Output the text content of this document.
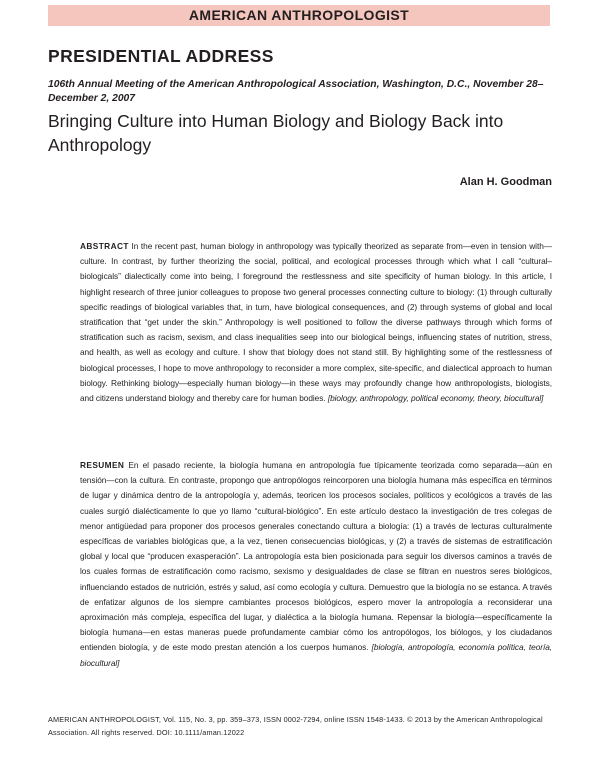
AMERICAN ANTHROPOLOGIST
PRESIDENTIAL ADDRESS

106th Annual Meeting of the American Anthropological Association, Washington, D.C., November 28–December 2, 2007

Bringing Culture into Human Biology and Biology Back into Anthropology
Alan H. Goodman

ABSTRACT In the recent past, human biology in anthropology was typically theorized as separate from—even in tension with—culture. In contrast, by further theorizing the social, political, and ecological processes through which what I call “cultural–biologicals” dialectically come into being, I foreground the restlessness and site specificity of human biology. In this article, I highlight research of three junior colleagues to propose two general processes connecting culture to biology: (1) through culturally specific readings of biological variables that, in turn, have biological consequences, and (2) through systems of global and local stratification that “get under the skin.” Anthropology is well positioned to follow the diverse pathways through which forms of stratification such as racism, sexism, and class inequalities seep into our biological beings, influencing states of nutrition, stress, and health, as well as ecology and culture. I show that biology does not stand still. By highlighting some of the restlessness of biological processes, I hope to move anthropology to reconsider a more complex, site-specific, and dialectical approach to human biology. Rethinking biology—especially human biology—in these ways may profoundly change how anthropologists, biologists, and citizens understand biology and thereby care for human bodies. [biology, anthropology, political economy, theory, biocultural]

RESUMEN En el pasado reciente, la biología humana en antropología fue típicamente teorizada como separada—aún en tensión—con la cultura. En contraste, propongo que antropólogos reincorporen una biología humana más específica en términos de lugar y dinámica dentro de la antropología y, además, teoricen los procesos sociales, políticos y ecológicos a través de las cuales surgió dialécticamente lo que yo llamo “cultural-biológico”. En este artículo destaco la investigación de tres colegas de menor antigüedad para proponer dos procesos generales conectando cultura a biología: (1) a través de lecturas culturalmente específicas de variables biológicas que, a la vez, tienen consecuencias biológicas, y (2) a través de sistemas de estratificación global y local que “producen exasperación”. La antropología esta bien posicionada para seguir los diversos caminos a través de los cuales formas de estratificación como racismo, sexismo y desigualdades de clase se filtran en nuestros seres biológicos, influenciando estados de nutrición, estrés y salud, así como ecología y cultura. Demuestro que la biología no se estanca. A través de enfatizar algunos de los siempre cambiantes procesos biológicos, espero mover la antropología a reconsiderar una aproximación más compleja, específica del lugar, y dialéctica a la biología humana. Repensar la biología—específicamente la biología humana—en estas maneras puede profundamente cambiar cómo los antropólogos, los biólogos, y los ciudadanos entienden biología, y de este modo prestan atención a los cuerpos humanos. [biología, antropología, economía política, teoría, biocultural]

AMERICAN ANTHROPOLOGIST, Vol. 115, No. 3, pp. 359–373, ISSN 0002-7294, online ISSN 1548-1433. © 2013 by the American Anthropological Association. All rights reserved. DOI: 10.1111/aman.12022
